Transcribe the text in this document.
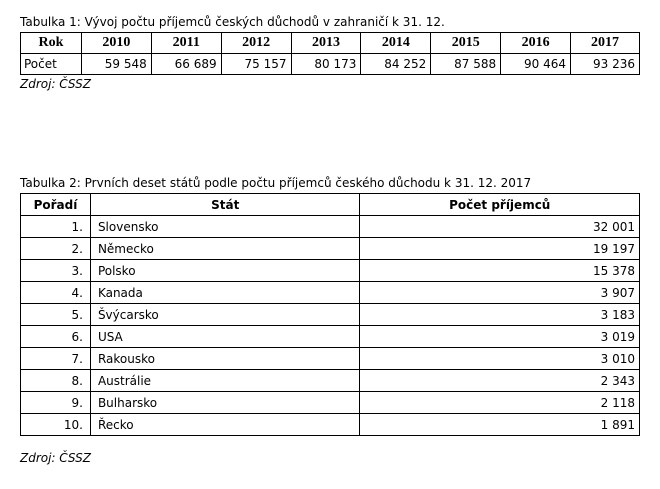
Tabulka 1: Vývoj počtu příjemců českých důchodů v zahraničí k 31. 12.
Rok	2010	2011	2012	2013	2014	2015	2016	2017
Počet	59 548	66 689	75 157	80 173	84 252	87 588	90 464	93 236
Zdroj: ČSSZ
Tabulka 2: Prvních deset států podle počtu příjemců českého důchodu k 31. 12. 2017
Pořadí	Stát	Počet příjemců
1.	Slovensko	32 001
2.	Německo	19 197
3.	Polsko	15 378
4.	Kanada	3 907
5.	Švýcarsko	3 183
6.	USA	3 019
7.	Rakousko	3 010
8.	Austrálie	2 343
9.	Bulharsko	2 118
10.	Řecko	1 891
Zdroj: ČSSZ
